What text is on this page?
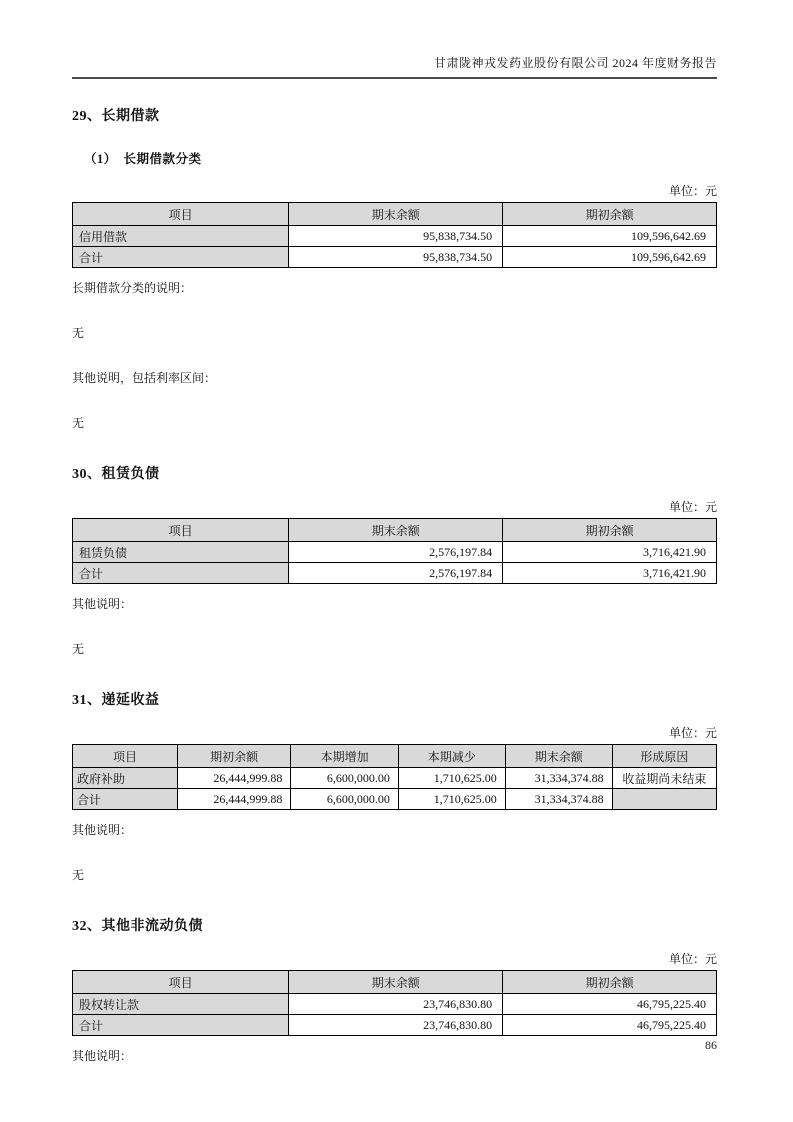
甘肃陇神戎发药业股份有限公司 2024 年度财务报告
29、长期借款
（1）　长期借款分类
单位：元
项目	期末余额	期初余额
信用借款	95,838,734.50	109,596,642.69
合计	95,838,734.50	109,596,642.69

长期借款分类的说明：

无

其他说明，包括利率区间：

无

30、租赁负债
单位：元
项目	期末余额	期初余额
租赁负债	2,576,197.84	3,716,421.90
合计	2,576,197.84	3,716,421.90

其他说明：

无

31、递延收益
单位：元
项目	期初余额	本期增加	本期减少	期末余额	形成原因
政府补助	26,444,999.88	6,600,000.00	1,710,625.00	31,334,374.88	收益期尚未结束
合计	26,444,999.88	6,600,000.00	1,710,625.00	31,334,374.88	

其他说明：

无

32、其他非流动负债
单位：元
项目	期末余额	期初余额
股权转让款	23,746,830.80	46,795,225.40
合计	23,746,830.80	46,795,225.40

其他说明：

86
